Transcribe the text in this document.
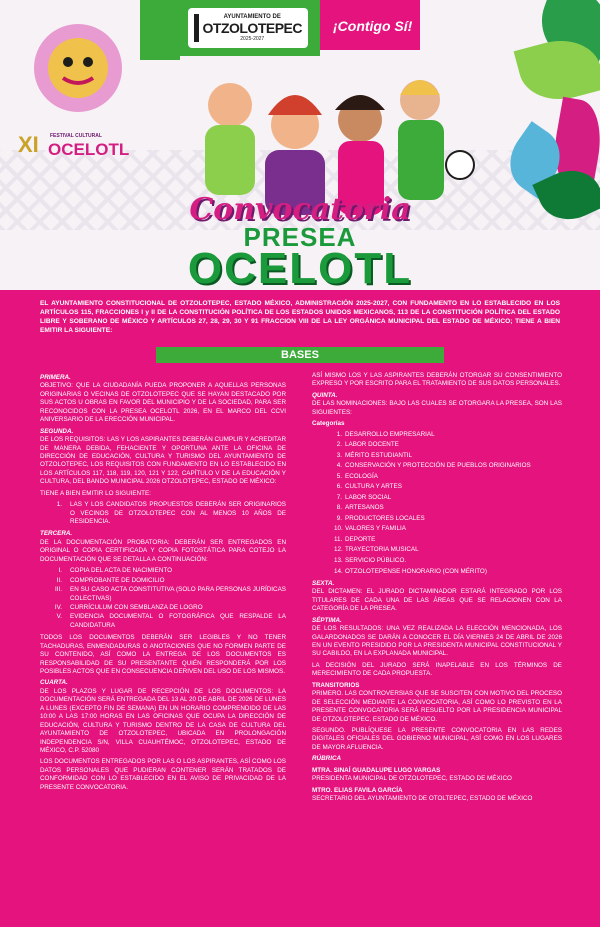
XI FESTIVAL CULTURAL
OCELOTL
AYUNTAMIENTO DE
OTZOLOTEPEC
2025-2027
¡Contigo Sí!
Convocatoria
PRESEA
OCELOTL
EL AYUNTAMIENTO CONSTITUCIONAL DE OTZOLOTEPEC, ESTADO MÉXICO, ADMINISTRACIÓN 2025-2027, CON FUNDAMENTO EN LO ESTABLECIDO EN LOS ARTÍCULOS 115, FRACCIONES I y II DE LA CONSTITUCIÓN POLÍTICA DE LOS ESTADOS UNIDOS MEXICANOS, 113 DE LA CONSTITUCIÓN POLÍTICA DEL ESTADO LIBRE Y SOBERANO DE MÉXICO Y ARTÍCULOS 27, 28, 29, 30 Y 91 FRACCION VIII DE LA LEY ORGÁNICA MUNICIPAL DEL ESTADO DE MÉXICO; TIENE A BIEN EMITIR LA SIGUIENTE:
BASES
PRIMERA.

OBJETIVO: QUE LA CIUDADANÍA PUEDA PROPONER A AQUELLAS PERSONAS ORIGINARIAS O VECINAS DE OTZOLOTEPEC QUE SE HAYAN DESTACADO POR SUS ACTOS U OBRAS EN FAVOR DEL MUNICIPIO Y DE LA SOCIEDAD, PARA SER RECONOCIDOS CON LA PRESEA OCELOTL 2026, EN EL MARCO DEL CCVI ANIVERSARIO DE LA ERECCIÓN MUNICIPAL.

SEGUNDA.

DE LOS REQUISITOS: LAS Y LOS ASPIRANTES DEBERÁN CUMPLIR Y ACREDITAR DE MANERA DEBIDA, FEHACIENTE Y OPORTUNA ANTE LA OFICINA DE DIRECCIÓN DE EDUCACIÓN, CULTURA Y TURISMO DEL AYUNTAMIENTO DE OTZOLOTEPEC, LOS REQUISITOS CON FUNDAMENTO EN LO ESTABLECIDO EN LOS ARTÍCULOS 117, 118, 119, 120, 121 Y 122, CAPÍTULO V DE LA EDUCACIÓN Y CULTURA, DEL BANDO MUNICIPAL 2026 OTZOLOTEPEC, ESTADO DE MÉXICO:

TIENE A BIEN EMITIR LO SIGUIENTE:

1. LAS Y LOS CANDIDATOS PROPUESTOS DEBERÁN SER ORIGINARIOS O VECINOS DE OTZOLOTEPEC CON AL MENOS 10 AÑOS DE RESIDENCIA.
TERCERA.

DE LA DOCUMENTACIÓN PROBATORIA: DEBERÁN SER ENTREGADOS EN ORIGINAL O COPIA CERTIFICADA Y COPIA FOTOSTÁTICA PARA COTEJO LA DOCUMENTACIÓN QUE SE DETALLA A CONTINUACIÓN:

I. COPIA DEL ACTA DE NACIMIENTO
II. COMPROBANTE DE DOMICILIO
III. EN SU CASO ACTA CONSTITUTIVA (SOLO PARA PERSONAS JURÍDICAS COLECTIVAS)
IV. CURRÍCULUM CON SEMBLANZA DE LOGRO
V. EVIDENCIA DOCUMENTAL O FOTOGRÁFICA QUE RESPALDE LA CANDIDATURA

TODOS LOS DOCUMENTOS DEBERÁN SER LEGIBLES Y NO TENER TACHADURAS, ENMENDADURAS O ANOTACIONES QUE NO FORMEN PARTE DE SU CONTENIDO, ASÍ COMO LA ENTREGA DE LOS DOCUMENTOS ES RESPONSABILIDAD DE SU PRESENTANTE QUIÉN RESPONDERÁ POR LOS POSIBLES ACTOS QUE EN CONSECUENCIA DERIVEN DEL USO DE LOS MISMOS.

CUARTA.

DE LOS PLAZOS Y LUGAR DE RECEPCIÓN DE LOS DOCUMENTOS: LA DOCUMENTACIÓN SERÁ ENTREGADA DEL 13 AL 20 DE ABRIL DE 2026 DE LUNES A LUNES (EXCEPTO FIN DE SEMANA) EN UN HORARIO COMPRENDIDO DE LAS 10:00 A LAS 17:00 HORAS EN LAS OFICINAS QUE OCUPA LA DIRECCIÓN DE EDUCACIÓN, CULTURA Y TURISMO DENTRO DE LA CASA DE CULTURA DEL AYUNTAMIENTO DE OTZOLOTEPEC, UBICADA EN PROLONGACIÓN INDEPENDENCIA S/N, VILLA CUAUHTÉMOC, OTZOLOTEPEC, ESTADO DE MÉXICO, C.P. 52080

LOS DOCUMENTOS ENTREGADOS POR LAS O LOS ASPIRANTES, ASÍ COMO LOS DATOS PERSONALES QUE PUDIERAN CONTENER SERÁN TRATADOS DE CONFORMIDAD CON LO ESTABLECIDO EN EL AVISO DE PRIVACIDAD DE LA PRESENTE CONVOCATORIA.

ASÍ MISMO LOS Y LAS ASPIRANTES DEBERÁN OTORGAR SU CONSENTIMIENTO EXPRESO Y POR ESCRITO PARA EL TRATAMIENTO DE SUS DATOS PERSONALES.

QUINTA.

DE LAS NOMINACIONES: BAJO LAS CUALES SE OTORGARA LA PRESEA, SON LAS SIGUIENTES:

Categorías
1. DESARROLLO EMPRESARIAL
2. LABOR DOCENTE
3. MÉRITO ESTUDIANTIL
4. CONSERVACIÓN Y PROTECCIÓN DE PUEBLOS ORIGINARIOS
5. ECOLOGÍA
6. CULTURA Y ARTES
7. LABOR SOCIAL
8. ARTESANOS
9. PRODUCTORES LOCALES
10. VALORES Y FAMILIA
11. DEPORTE
12. TRAYECTORIA MUSICAL
13. SERVICIO PÚBLICO.
14. OTZOLOTEPENSE HONORARIO (CON MÉRITO)
SEXTA.

DEL DICTAMEN: EL JURADO DICTAMINADOR ESTARÁ INTEGRADO POR LOS TITULARES DE CADA UNA DE LAS ÁREAS QUE SE RELACIONEN CON LA CATEGORÍA DE LA PRESEA.

SÉPTIMA.

DE LOS RESULTADOS: UNA VEZ REALIZADA LA ELECCIÓN MENCIONADA, LOS GALARDONADOS SE DARÁN A CONOCER EL DÍA VIERNES 24 DE ABRIL DE 2026 EN UN EVENTO PRESIDIDO POR LA PRESIDENTA MUNICIPAL CONSTITUCIONAL Y SU CABILDO, EN LA EXPLANADA MUNICIPAL.

LA DECISIÓN DEL JURADO SERÁ INAPELABLE EN LOS TÉRMINOS DE MERECIMIENTO DE CADA PROPUESTA.

TRANSITORIOS

PRIMERO. LAS CONTROVERSIAS QUE SE SUSCITEN CON MOTIVO DEL PROCESO DE SELECCIÓN MEDIANTE LA CONVOCATORIA, ASÍ COMO LO PREVISTO EN LA PRESENTE CONVOCATORIA SERÁ RESUELTO POR LA PRESIDENCIA MUNICIPAL DE OTZOLOTEPEC, ESTADO DE MÉXICO.

SEGUNDO. PUBLÍQUESE LA PRESENTE CONVOCATORIA EN LAS REDES DIGITALES OFICIALES DEL GOBIERNO MUNICIPAL, ASÍ COMO EN LOS LUGARES DE MAYOR AFLUENCIA.

RÚBRICA
MTRA. SINAÍ GUADALUPE LUGO VARGAS
PRESIDENTA MUNICIPAL DE OTZOLOTEPEC, ESTADO DE MÉXICO
MTRO. ELIAS FAVILA GARCÍA
SECRETARIO DEL AYUNTAMIENTO DE OTOLTEPEC, ESTADO DE MÉXICO
